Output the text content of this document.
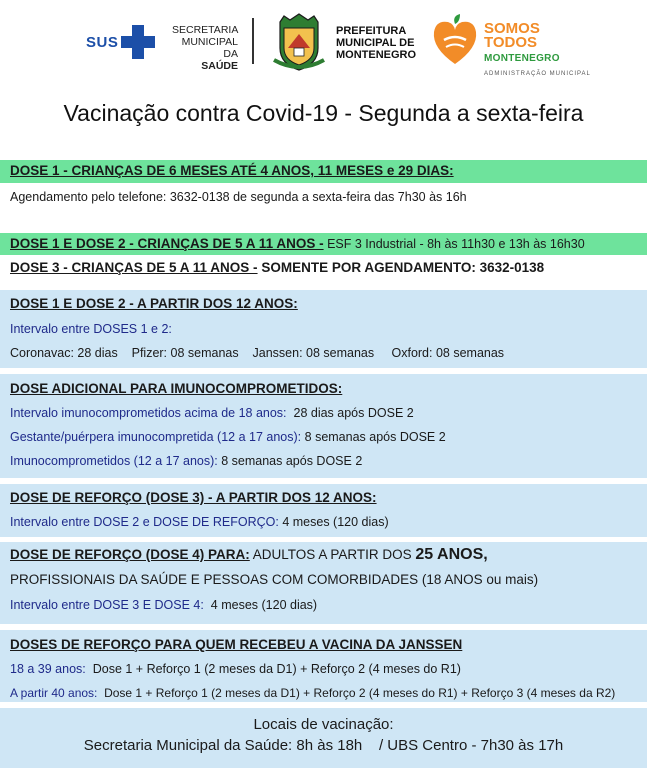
SUS
SECRETARIA
MUNICIPAL DA
SAÚDE
PREFEITURA
MUNICIPAL DE
MONTENEGRO
SOMOS
TODOS
MONTENEGRO
ADMINISTRAÇÃO MUNICIPAL
Vacinação contra Covid-19 - Segunda a sexta-feira
DOSE 1 - CRIANÇAS DE 6 MESES ATÉ 4 ANOS, 11 MESES e 29 DIAS:
Agendamento pelo telefone: 3632-0138 de segunda a sexta-feira das 7h30 às 16h
DOSE 1 E DOSE 2 - CRIANÇAS DE 5 A 11 ANOS - ESF 3 Industrial - 8h às 11h30 e 13h às 16h30
DOSE 3 - CRIANÇAS DE 5 A 11 ANOS - SOMENTE POR AGENDAMENTO: 3632-0138
DOSE 1 E DOSE 2 - A PARTIR DOS 12 ANOS:
Intervalo entre DOSES 1 e 2:
Coronavac: 28 dias Pfizer: 08 semanas Janssen: 08 semanas Oxford: 08 semanas
DOSE ADICIONAL PARA IMUNOCOMPROMETIDOS:
Intervalo imunocomprometidos acima de 18 anos: 28 dias após DOSE 2
Gestante/puérpera imunocompretida (12 a 17 anos): 8 semanas após DOSE 2
Imunocomprometidos (12 a 17 anos): 8 semanas após DOSE 2
DOSE DE REFORÇO (DOSE 3) - A PARTIR DOS 12 ANOS:
Intervalo entre DOSE 2 e DOSE DE REFORÇO: 4 meses (120 dias)
DOSE DE REFORÇO (DOSE 4) PARA: ADULTOS A PARTIR DOS 25 ANOS,
PROFISSIONAIS DA SAÚDE E PESSOAS COM COMORBIDADES (18 ANOS ou mais)
Intervalo entre DOSE 3 E DOSE 4: 4 meses (120 dias)
DOSES DE REFORÇO PARA QUEM RECEBEU A VACINA DA JANSSEN
18 a 39 anos: Dose 1 + Reforço 1 (2 meses da D1) + Reforço 2 (4 meses do R1)
A partir 40 anos: Dose 1 + Reforço 1 (2 meses da D1) + Reforço 2 (4 meses do R1) + Reforço 3 (4 meses da R2)
Locais de vacinação:
Secretaria Municipal da Saúde: 8h às 18h    / UBS Centro - 7h30 às 17h
